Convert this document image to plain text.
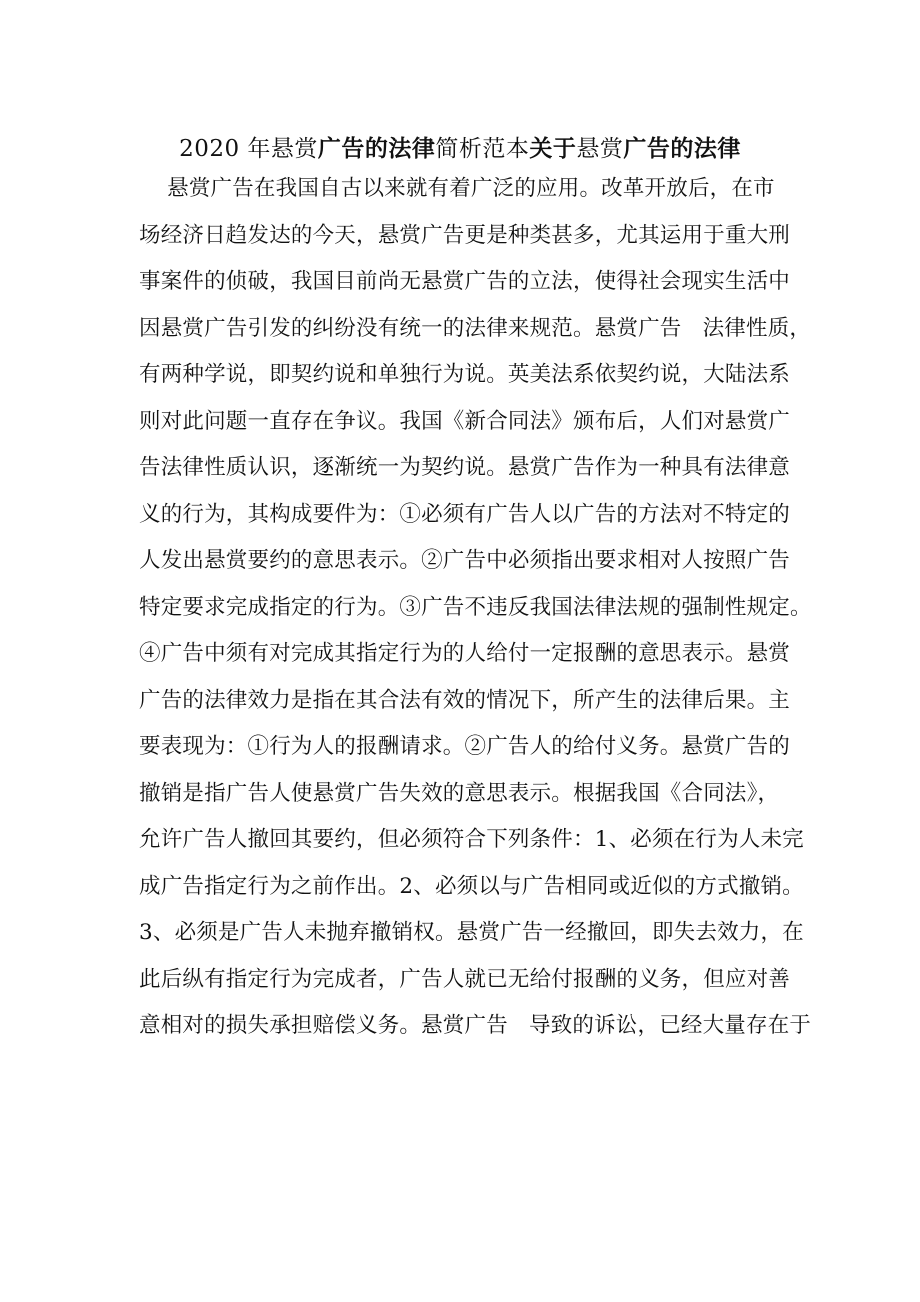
2020 年悬赏广告的法律简析范本关于悬赏广告的法律
悬赏广告在我国自古以来就有着广泛的应用。改革开放后，在市
场经济日趋发达的今天，悬赏广告更是种类甚多，尤其运用于重大刑
事案件的侦破，我国目前尚无悬赏广告的立法，使得社会现实生活中
因悬赏广告引发的纠纷没有统一的法律来规范。悬赏广告   法律性质，
有两种学说，即契约说和单独行为说。英美法系依契约说，大陆法系
则对此问题一直存在争议。我国《新合同法》颁布后，人们对悬赏广
告法律性质认识，逐渐统一为契约说。悬赏广告作为一种具有法律意
义的行为，其构成要件为：①必须有广告人以广告的方法对不特定的
人发出悬赏要约的意思表示。②广告中必须指出要求相对人按照广告
特定要求完成指定的行为。③广告不违反我国法律法规的强制性规定。
④广告中须有对完成其指定行为的人给付一定报酬的意思表示。悬赏
广告的法律效力是指在其合法有效的情况下，所产生的法律后果。主
要表现为：①行为人的报酬请求。②广告人的给付义务。悬赏广告的
撤销是指广告人使悬赏广告失效的意思表示。根据我国《合同法》，
允许广告人撤回其要约，但必须符合下列条件：1、必须在行为人未完
成广告指定行为之前作出。2、必须以与广告相同或近似的方式撤销。
3、必须是广告人未抛弃撤销权。悬赏广告一经撤回，即失去效力，在
此后纵有指定行为完成者，广告人就已无给付报酬的义务，但应对善
意相对的损失承担赔偿义务。悬赏广告   导致的诉讼，已经大量存在于
